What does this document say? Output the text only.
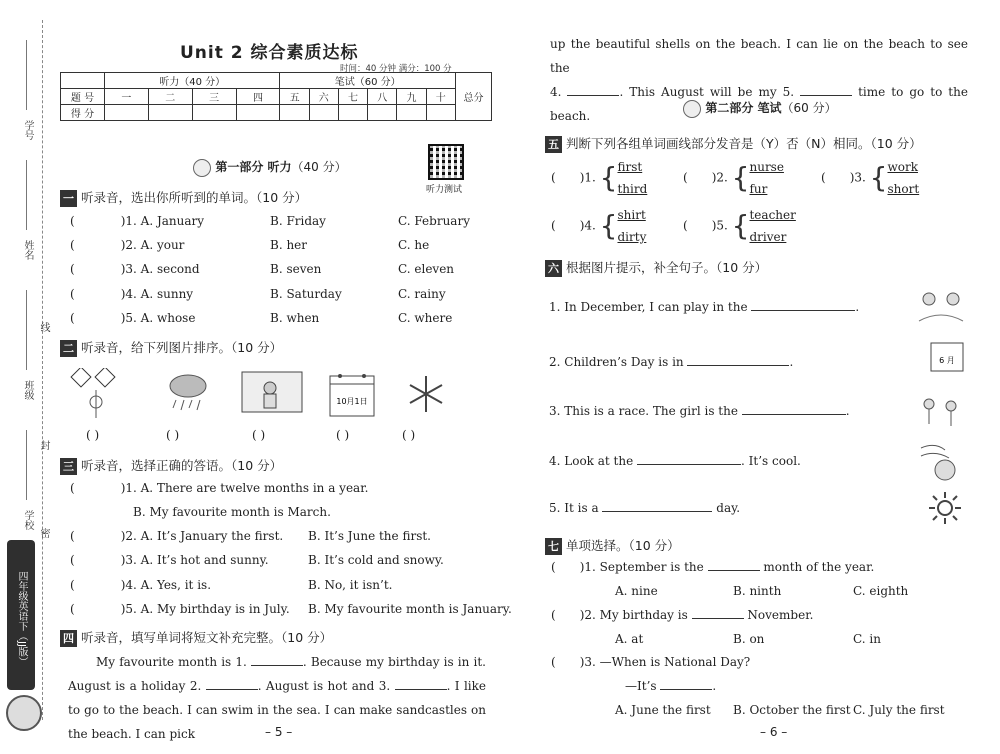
学号
姓名
线
班级
封
学校
密
四年级英语下（JJ版）
Unit 2 综合素质达标
时间：40 分钟 满分：100 分
	听力（40 分）				笔试（60 分）						总分
题 号	一	二	三	四	五	六	七	八	九	十	
得 分											
第一部分 听力（40 分）
听力测试
一 听录音，选出你所听到的单词。（10 分）
(	)1. A. January	B. Friday	C. February
(	)2. A. your	B. her	C. he
(	)3. A. second	B. seven	C. eleven
(	)4. A. sunny	B. Saturday	C. rainy
(	)5. A. whose	B. when	C. where
二 听录音，给下列图片排序。（10 分）
10月1日
( )	( )	( )	( )	( )
三 听录音，选择正确的答语。（10 分）
(	)1. A. There are twelve months in a year.
B. My favourite month is March.
(	)2. A. It’s January the first. B. It’s June the first.
(	)3. A. It’s hot and sunny.	B. It’s cold and snowy.
(	)4. A. Yes, it is.	B. No, it isn’t.
(	)5. A. My birthday is in July. B. My favourite month is January.
四 听录音，填写单词将短文补充完整。（10 分）
My favourite month is 1.	. Because my birthday is in it. August is a holiday 2.	. August is hot and 3.	. I like to go to the beach. I can swim in the sea. I can make sandcastles on the beach. I can pick	– 5 –
up the beautiful shells on the beach. I can lie on the beach to see the
4.	. This August will be my 5.	time to go to the beach.
第二部分 笔试（60 分）
五 判断下列各组单词画线部分发音是（Y）否（N）相同。（10 分）
( )1. {first
third
( )2. {nurse
fur
( )3. {work
short
( )4. {shirt
dirty
( )5. {teacher
driver
六 根据图片提示，补全句子。（10 分）
1. In December, I can play in the	.
2. Children’s Day is in	.	6 月
3. This is a race. The girl is the	.
4. Look at the	. It’s cool.
5. It is a	day.
七 单项选择。（10 分）
( )1. September is the	month of the year.
A. nine	B. ninth	C. eighth
( )2. My birthday is	November.
A. at	B. on	C. in
( )3. —When is National Day?
—It’s	.
A. June the first B. October the first C. July the first
– 6 –
